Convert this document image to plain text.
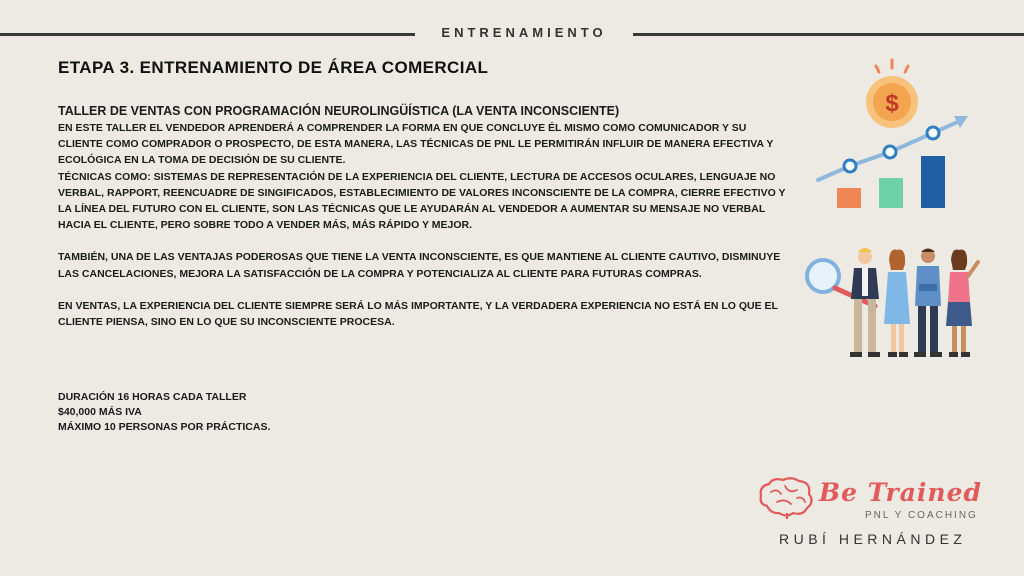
ENTRENAMIENTO
ETAPA 3. ENTRENAMIENTO DE ÁREA COMERCIAL

TALLER DE VENTAS CON PROGRAMACIÓN NEUROLINGÜÍSTICA (LA VENTA INCONSCIENTE)

EN ESTE TALLER EL VENDEDOR APRENDERÁ A COMPRENDER LA FORMA EN QUE CONCLUYE ÉL MISMO COMO COMUNICADOR Y SU CLIENTE COMO COMPRADOR O PROSPECTO, DE ESTA MANERA, LAS TÉCNICAS DE PNL LE PERMITIRÁN INFLUIR DE MANERA EFECTIVA Y ECOLÓGICA EN LA TOMA DE DECISIÓN DE SU CLIENTE.

TÉCNICAS COMO: SISTEMAS DE REPRESENTACIÓN DE LA EXPERIENCIA DEL CLIENTE, LECTURA DE ACCESOS OCULARES, LENGUAJE NO VERBAL, RAPPORT, REENCUADRE DE SINGIFICADOS, ESTABLECIMIENTO DE VALORES INCONSCIENTE DE LA COMPRA, CIERRE EFECTIVO Y LA LÍNEA DEL FUTURO CON EL CLIENTE, SON LAS TÉCNICAS QUE LE AYUDARÁN AL VENDEDOR A AUMENTAR SU MENSAJE NO VERBAL HACIA EL CLIENTE, PERO SOBRE TODO A VENDER MÁS, MÁS RÁPIDO Y MEJOR.

TAMBIÉN, UNA DE LAS VENTAJAS PODEROSAS QUE TIENE LA VENTA INCONSCIENTE, ES QUE MANTIENE AL CLIENTE CAUTIVO, DISMINUYE LAS CANCELACIONES, MEJORA LA SATISFACCIÓN DE LA COMPRA Y POTENCIALIZA AL CLIENTE PARA FUTURAS COMPRAS.

EN VENTAS, LA EXPERIENCIA DEL CLIENTE SIEMPRE SERÁ LO MÁS IMPORTANTE, Y LA VERDADERA EXPERIENCIA NO ESTÁ EN LO QUE EL CLIENTE PIENSA, SINO EN LO QUE SU INCONSCIENTE PROCESA.

DURACIÓN 16 HORAS CADA TALLER

$40,000 MÁS IVA

MÁXIMO 10 PERSONAS POR PRÁCTICAS.

$
Be Trained
PNL Y COACHING
RUBÍ HERNÁNDEZ
